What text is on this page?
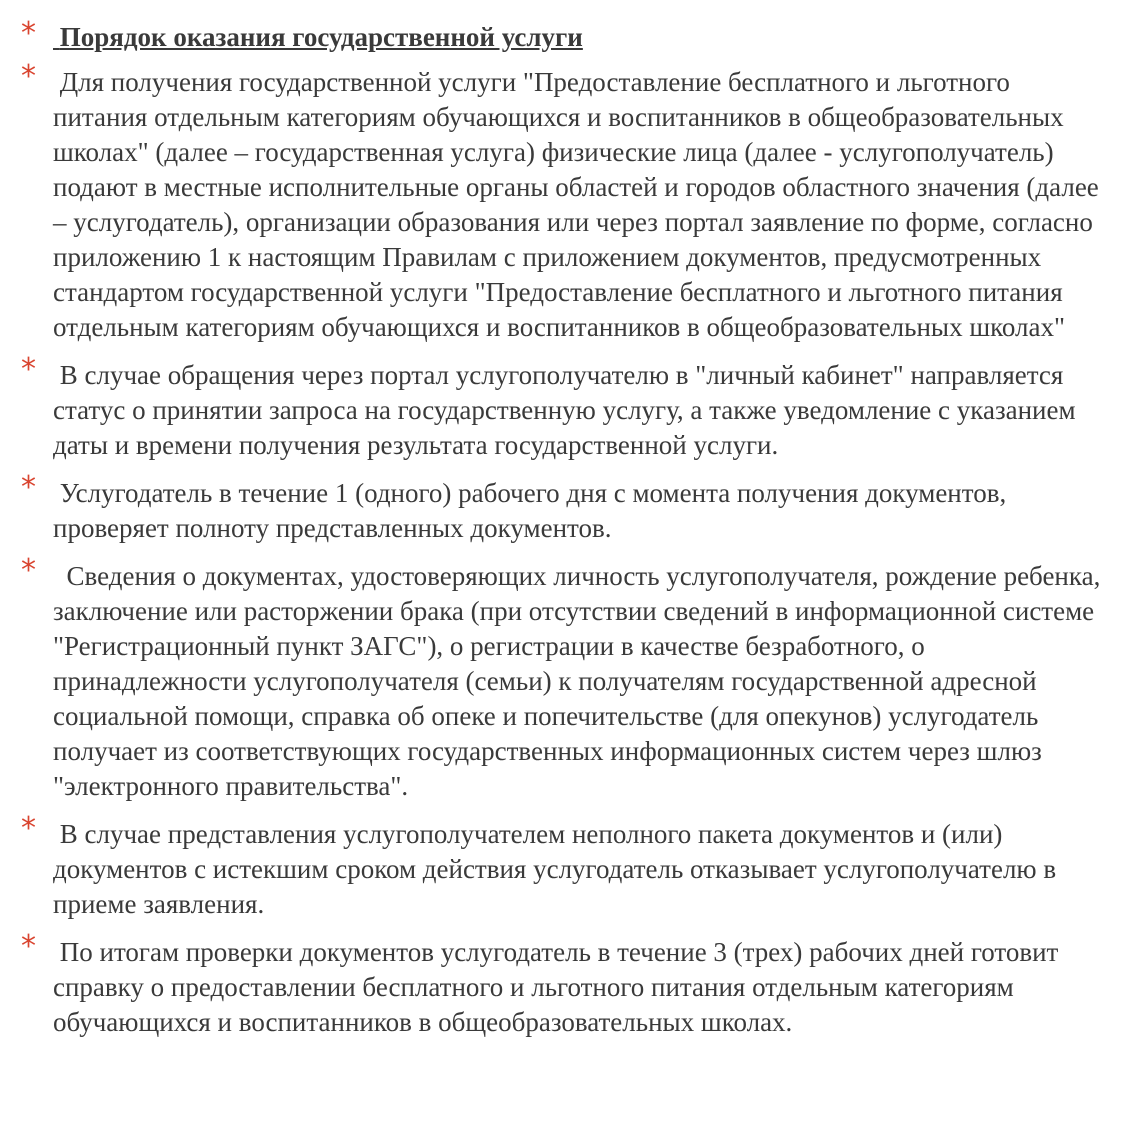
* Порядок оказания государственной услуги
* Для получения государственной услуги "Предоставление бесплатного и льготного питания отдельным категориям обучающихся и воспитанников в общеобразовательных школах" (далее – государственная услуга) физические лица (далее - услугополучатель) подают в местные исполнительные органы областей и городов областного значения (далее – услугодатель), организации образования или через портал заявление по форме, согласно приложению 1 к настоящим Правилам с приложением документов, предусмотренных стандартом государственной услуги "Предоставление бесплатного и льготного питания отдельным категориям обучающихся и воспитанников в общеобразовательных школах"
* В случае обращения через портал услугополучателю в "личный кабинет" направляется статус о принятии запроса на государственную услугу, а также уведомление с указанием даты и времени получения результата государственной услуги.
* Услугодатель в течение 1 (одного) рабочего дня с момента получения документов, проверяет полноту представленных документов.
* Сведения о документах, удостоверяющих личность услугополучателя, рождение ребенка, заключение или расторжении брака (при отсутствии сведений в информационной системе "Регистрационный пункт ЗАГС"), о регистрации в качестве безработного, о принадлежности услугополучателя (семьи) к получателям государственной адресной социальной помощи, справка об опеке и попечительстве (для опекунов) услугодатель получает из соответствующих государственных информационных систем через шлюз "электронного правительства".
* В случае представления услугополучателем неполного пакета документов и (или) документов с истекшим сроком действия услугодатель отказывает услугополучателю в приеме заявления.
* По итогам проверки документов услугодатель в течение 3 (трех) рабочих дней готовит справку о предоставлении бесплатного и льготного питания отдельным категориям обучающихся и воспитанников в общеобразовательных школах.
